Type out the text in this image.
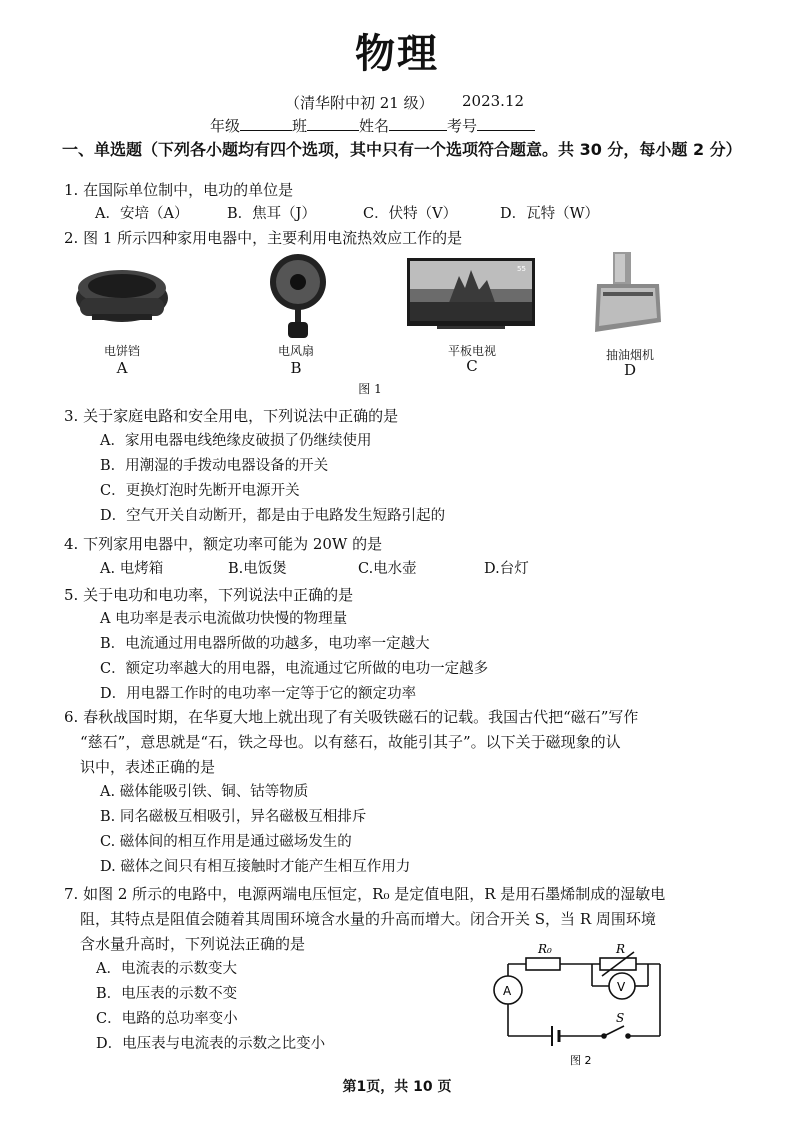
物理
（清华附中初 21 级） 2023.12
年级	班	姓名	考号
一、单选题（下列各小题均有四个选项，其中只有一个选项符合题意。共 30 分，每小题 2 分）
1. 在国际单位制中，电功的单位是
A．安培（A）	B．焦耳（J）	C．伏特（V）	D．瓦特（W）
2. 图 1 所示四种家用电器中，主要利用电流热效应工作的是
55
电饼铛
A
电风扇
B
平板电视
C
抽油烟机
D
图 1
3. 关于家庭电路和安全用电，下列说法中正确的是
A．家用电器电线绝缘皮破损了仍继续使用
B．用潮湿的手拨动电器设备的开关
C．更换灯泡时先断开电源开关
D．空气开关自动断开，都是由于电路发生短路引起的
4. 下列家用电器中，额定功率可能为 20W 的是
A. 电烤箱	B.电饭煲	C.电水壶	D.台灯
5. 关于电功和电功率，下列说法中正确的是
A 电功率是表示电流做功快慢的物理量
B．电流通过用电器所做的功越多，电功率一定越大
C．额定功率越大的用电器，电流通过它所做的电功一定越多
D．用电器工作时的电功率一定等于它的额定功率
6. 春秋战国时期，在华夏大地上就出现了有关吸铁磁石的记载。我国古代把“磁石”写作
“慈石”，意思就是“石，铁之母也。以有慈石，故能引其子”。以下关于磁现象的认
识中，表述正确的是
A. 磁体能吸引铁、铜、钴等物质
B. 同名磁极互相吸引，异名磁极互相排斥
C. 磁体间的相互作用是通过磁场发生的
D. 磁体之间只有相互接触时才能产生相互作用力
7. 如图 2 所示的电路中，电源两端电压恒定，R₀ 是定值电阻，R 是用石墨烯制成的湿敏电
阻，其特点是阻值会随着其周围环境含水量的升高而增大。闭合开关 S，当 R 周围环境
含水量升高时，下列说法正确的是
A．电流表的示数变大
B．电压表的示数不变
C．电路的总功率变小
D．电压表与电流表的示数之比变小
R₀	R
A	V
S
图 2
第1页，共 10 页
